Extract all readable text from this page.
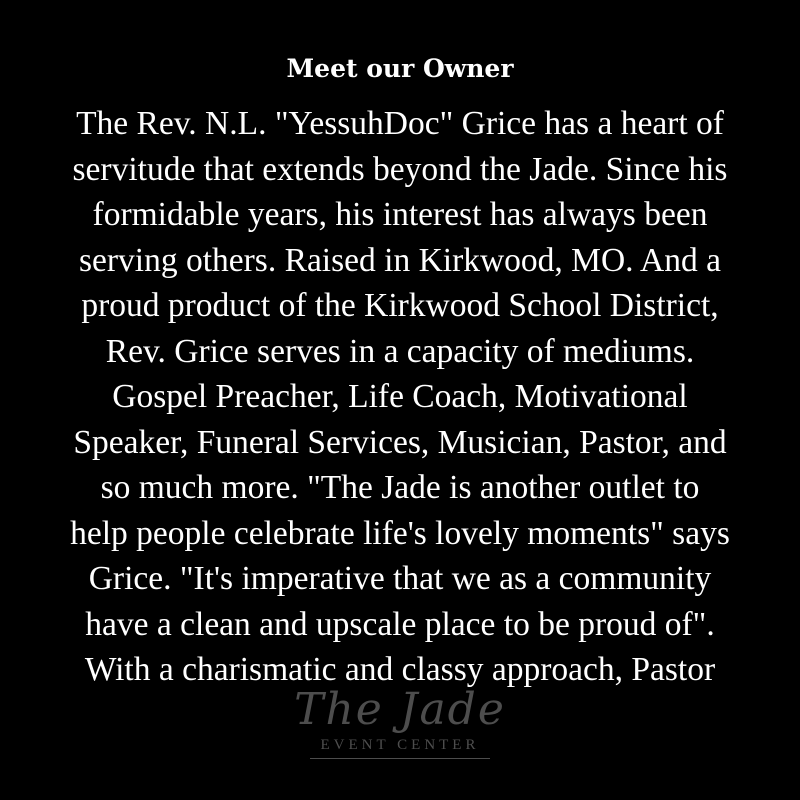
Meet our Owner
The Rev. N.L. "YessuhDoc" Grice has a heart of
servitude that extends beyond the Jade. Since his
formidable years, his interest has always been
serving others. Raised in Kirkwood, MO. And a
proud product of the Kirkwood School District,
Rev. Grice serves in a capacity of mediums.
Gospel Preacher, Life Coach, Motivational
Speaker, Funeral Services, Musician, Pastor, and
so much more. "The Jade is another outlet to
help people celebrate life's lovely moments" says
Grice. "It's imperative that we as a community
have a clean and upscale place to be proud of".
With a charismatic and classy approach, Pastor
The Jade
EVENT CENTER
